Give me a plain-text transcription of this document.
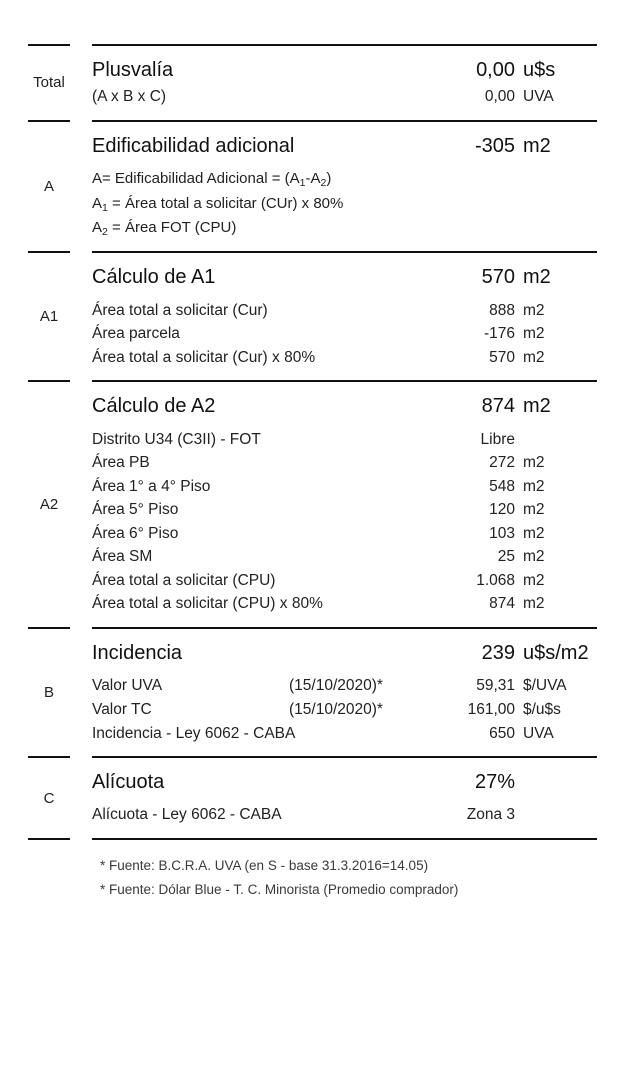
Total
Plusvalía	0,00 u$s
(A x B x C)	0,00 UVA
A
Edificabilidad adicional	-305 m2
A= Edificabilidad Adicional = $(A_1-A_2)$
$A_1$ = Área total a solicitar (CUr) x 80%
$A_2$ = Área FOT (CPU)
A1
Cálculo de A1	570 m2
Área total a solicitar (Cur)	888 m2
Área parcela	-176 m2
Área total a solicitar (Cur) x 80%	570 m2
A2
Cálculo de A2	874 m2
Distrito U34 (C3II) - FOT	Libre
Área PB	272 m2
Área 1° a 4° Piso	548 m2
Área 5° Piso	120 m2
Área 6° Piso	103 m2
Área SM	25 m2
Área total a solicitar (CPU)	1.068 m2
Área total a solicitar (CPU) x 80%	874 m2
B
Incidencia	239 u$s/m2
Valor UVA	(15/10/2020)*	59,31 $/UVA
Valor TC	(15/10/2020)*	161,00 $/u$s
Incidencia - Ley 6062 - CABA	650 UVA
C
Alícuota	27%
Alícuota - Ley 6062 - CABA	Zona 3
* Fuente: B.C.R.A. UVA (en S - base 31.3.2016=14.05)
* Fuente: Dólar Blue - T. C. Minorista (Promedio comprador)
